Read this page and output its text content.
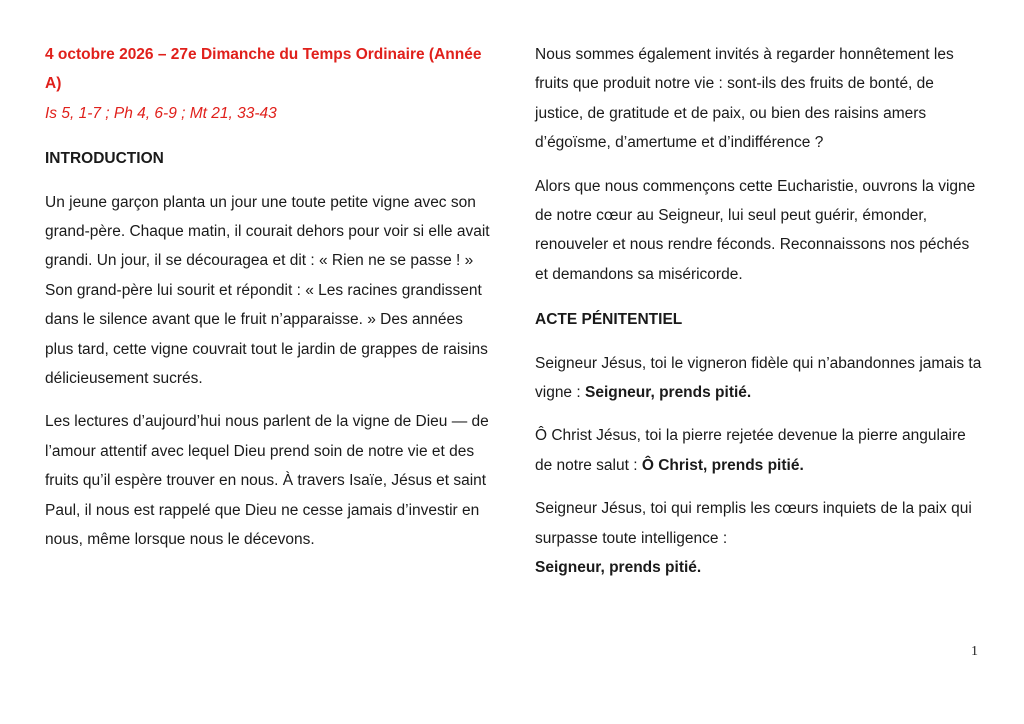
4 octobre 2026 – 27e Dimanche du Temps Ordinaire (Année A)
Is 5, 1-7 ; Ph 4, 6-9 ; Mt 21, 33-43
INTRODUCTION

Un jeune garçon planta un jour une toute petite vigne avec son grand-père. Chaque matin, il courait dehors pour voir si elle avait grandi. Un jour, il se découragea et dit : « Rien ne se passe ! » Son grand-père lui sourit et répondit : « Les racines grandissent dans le silence avant que le fruit n’apparaisse. » Des années plus tard, cette vigne couvrait tout le jardin de grappes de raisins délicieusement sucrés.

Les lectures d’aujourd’hui nous parlent de la vigne de Dieu — de l’amour attentif avec lequel Dieu prend soin de notre vie et des fruits qu’il espère trouver en nous. À travers Isaïe, Jésus et saint Paul, il nous est rappelé que Dieu ne cesse jamais d’investir en nous, même lorsque nous le décevons.

Nous sommes également invités à regarder honnêtement les fruits que produit notre vie : sont-ils des fruits de bonté, de justice, de gratitude et de paix, ou bien des raisins amers d’égoïsme, d’amertume et d’indifférence ?

Alors que nous commençons cette Eucharistie, ouvrons la vigne de notre cœur au Seigneur, lui seul peut guérir, émonder, renouveler et nous rendre féconds. Reconnaissons nos péchés et demandons sa miséricorde.

ACTE PÉNITENTIEL

Seigneur Jésus, toi le vigneron fidèle qui n’abandonnes jamais ta vigne : Seigneur, prends pitié.

Ô Christ Jésus, toi la pierre rejetée devenue la pierre angulaire de notre salut : Ô Christ, prends pitié.

Seigneur Jésus, toi qui remplis les cœurs inquiets de la paix qui surpasse toute intelligence :
Seigneur, prends pitié.

1
